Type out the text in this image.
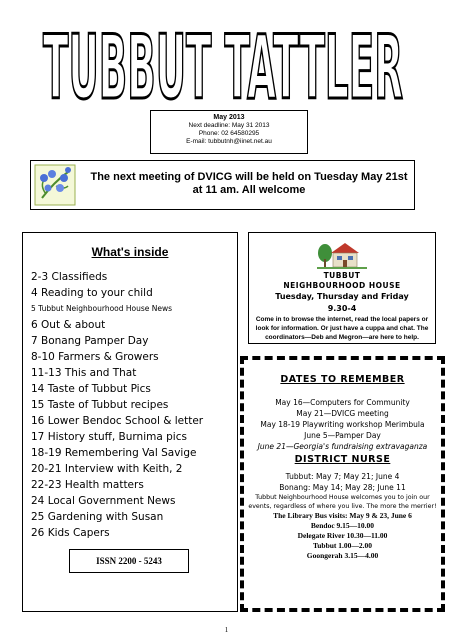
TUBBUT TATTLER
May 2013
Next deadline: May 31 2013
Phone: 02 64580295
E-mail: tubbutnh@iinet.net.au
The next meeting of DVICG will be held on Tuesday May 21st at 11 am. All welcome
What's inside
2-3 Classifieds
4 Reading to your child
5 Tubbut Neighbourhood House News
6 Out & about
7 Bonang Pamper Day
8-10 Farmers & Growers
11-13 This and That
14 Taste of Tubbut Pics
15 Taste of Tubbut recipes
16 Lower Bendoc School & letter
17 History stuff, Burnima pics
18-19 Remembering Val Savige
20-21 Interview with Keith, 2
22-23 Health matters
24 Local Government News
25 Gardening with Susan
26 Kids Capers
ISSN 2200 - 5243
TUBBUT
NEIGHBOURHOOD HOUSE
Tuesday, Thursday and Friday
9.30-4
Come in to browse the internet, read the local papers or look for information. Or just have a cuppa and chat. The coordinators—Deb and Megron—are here to help.
DATES TO REMEMBER
May 16—Computers for Community
May 21—DVICG meeting
May 18-19 Playwriting workshop Merimbula
June 5—Pamper Day
June 21—Georgia's fundraising extravaganza
DISTRICT NURSE
Tubbut: May 7; May 21; June 4
Bonang: May 14; May 28; June 11
Tubbut Neighbourhood House welcomes you to join our events, regardless of where you live. The more the merrier!
The Library Bus visits: May 9 & 23, June 6
Bendoc 9.15—10.00
Delegate River 10.30—11.00
Tubbut 1.00—2.00
Goongerah 3.15—4.00
1
